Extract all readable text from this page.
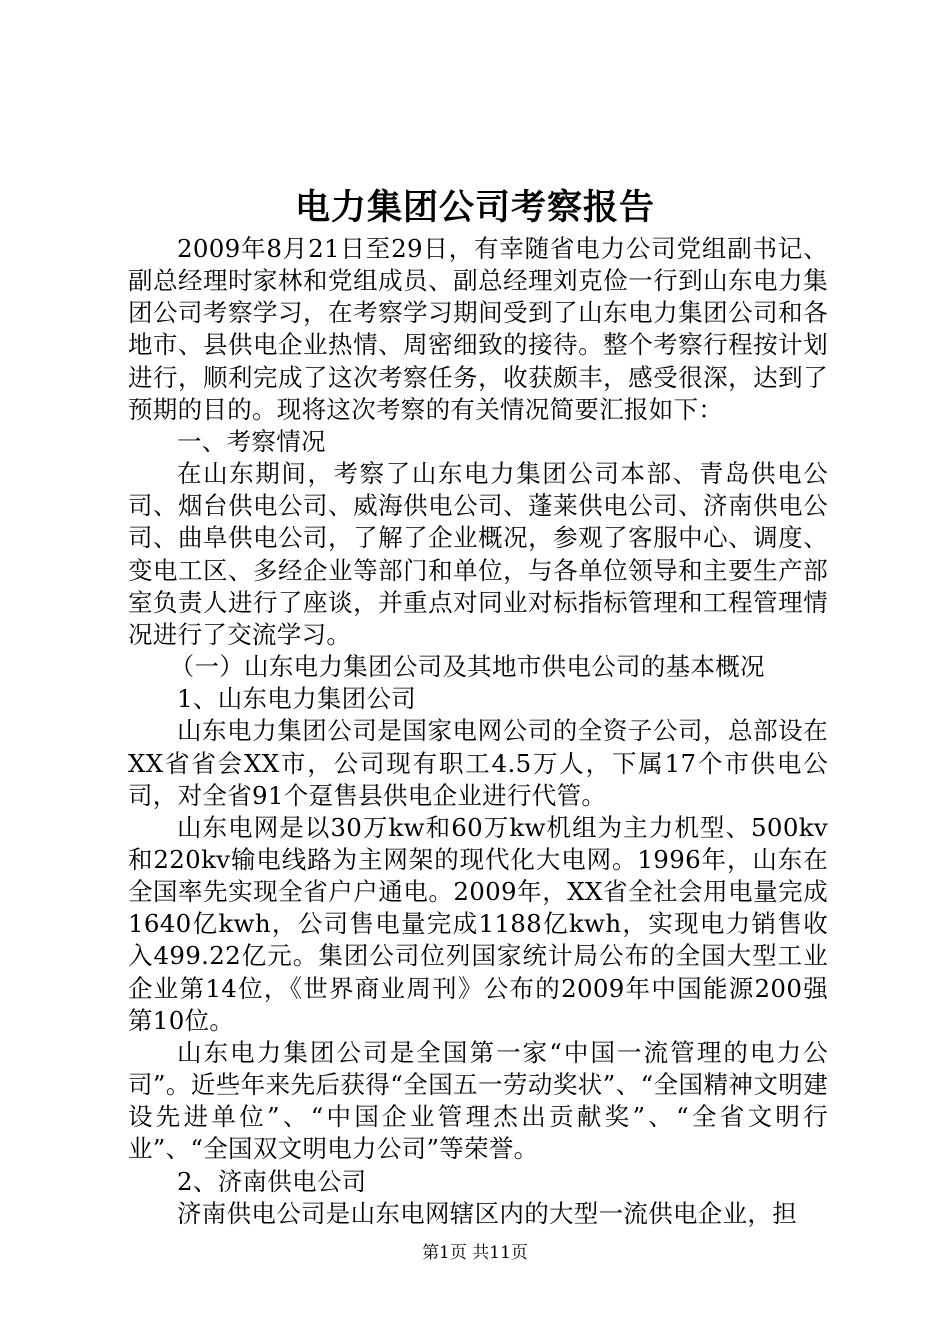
电力集团公司考察报告

2009年8月21日至29日，有幸随省电力公司党组副书记、副总经理时家林和党组成员、副总经理刘克俭一行到山东电力集团公司考察学习，在考察学习期间受到了山东电力集团公司和各地市、县供电企业热情、周密细致的接待。整个考察行程按计划进行，顺利完成了这次考察任务，收获颇丰，感受很深，达到了预期的目的。现将这次考察的有关情况简要汇报如下：

一、考察情况

在山东期间，考察了山东电力集团公司本部、青岛供电公司、烟台供电公司、威海供电公司、蓬莱供电公司、济南供电公司、曲阜供电公司，了解了企业概况，参观了客服中心、调度、变电工区、多经企业等部门和单位，与各单位领导和主要生产部室负责人进行了座谈，并重点对同业对标指标管理和工程管理情况进行了交流学习。

（一）山东电力集团公司及其地市供电公司的基本概况

1、山东电力集团公司

山东电力集团公司是国家电网公司的全资子公司，总部设在XX省省会XX市，公司现有职工4.5万人，下属17个市供电公司，对全省91个趸售县供电企业进行代管。

山东电网是以30万kw和60万kw机组为主力机型、500kv和220kv输电线路为主网架的现代化大电网。1996年，山东在全国率先实现全省户户通电。2009年，XX省全社会用电量完成1640亿kwh，公司售电量完成1188亿kwh，实现电力销售收入499.22亿元。集团公司位列国家统计局公布的全国大型工业企业第14位，《世界商业周刊》公布的2009年中国能源200强第10位。

山东电力集团公司是全国第一家“中国一流管理的电力公司”。近些年来先后获得“全国五一劳动奖状”、“全国精神文明建设先进单位”、“中国企业管理杰出贡献奖”、“全省文明行业”、“全国双文明电力公司”等荣誉。

2、济南供电公司

济南供电公司是山东电网辖区内的大型一流供电企业，担

第1页 共11页
